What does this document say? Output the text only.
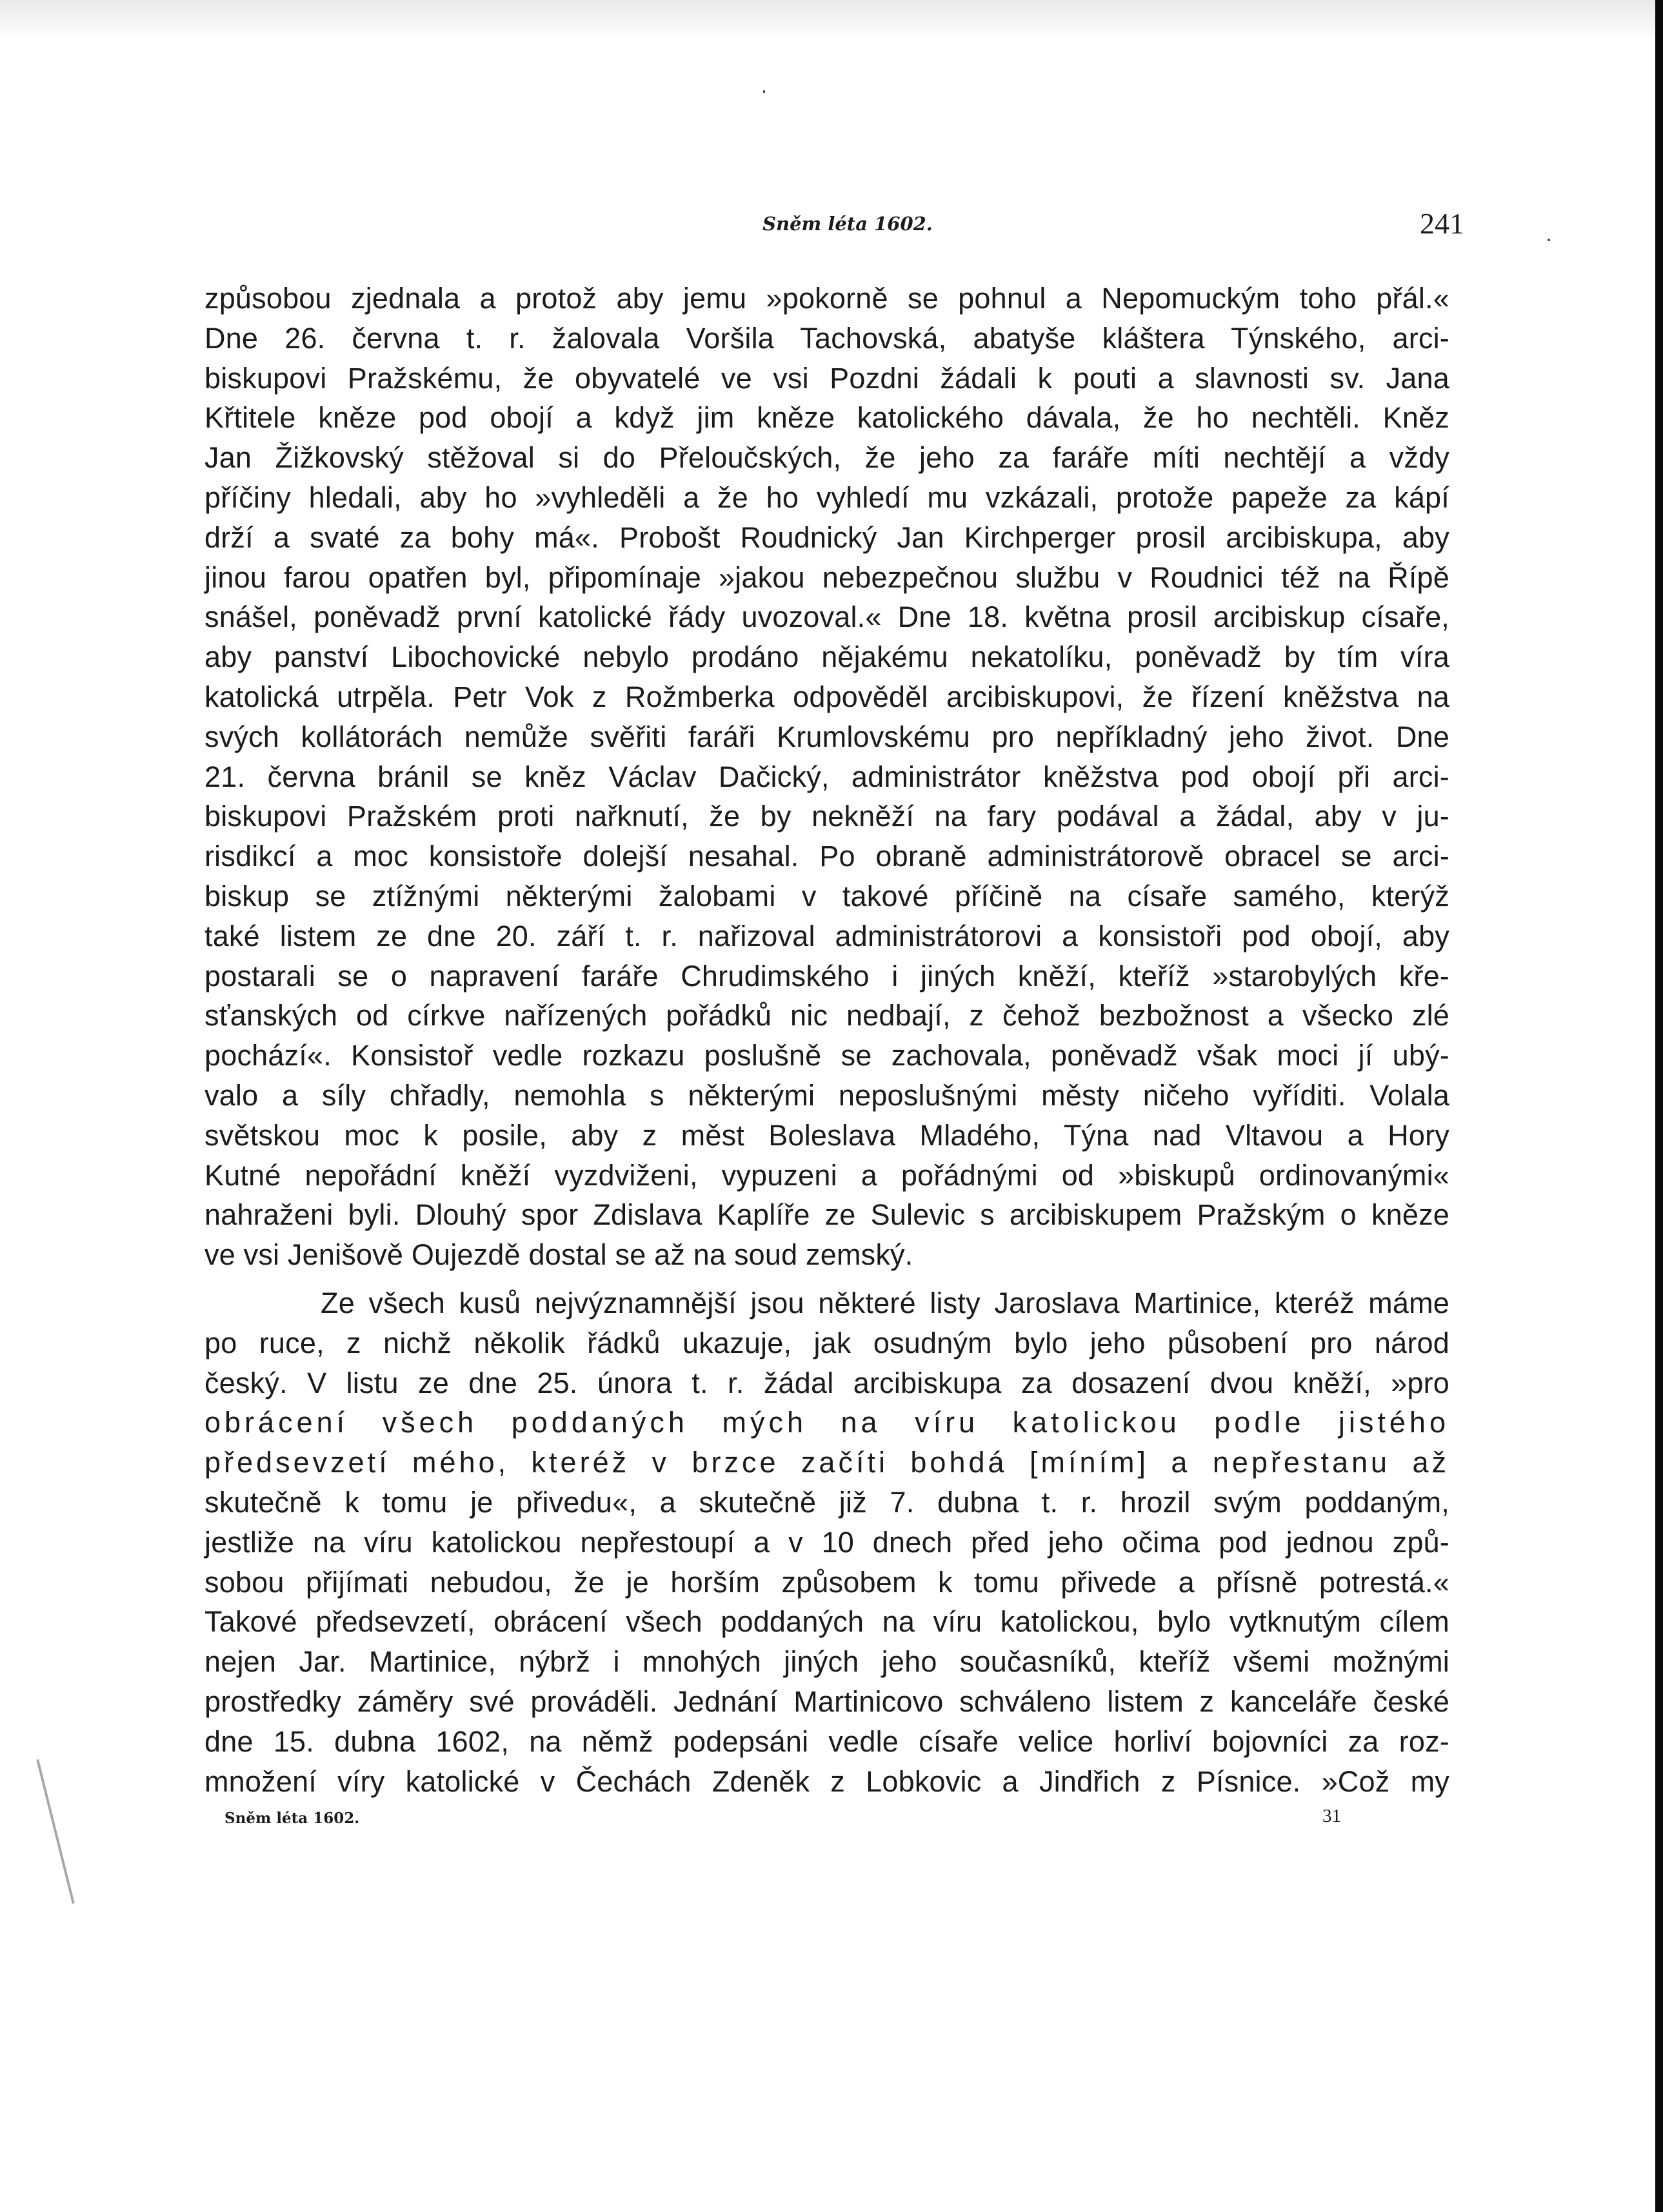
Sněm léta 1602.	241
způsobou zjednala a protož aby jemu »pokorně se pohnul a Nepomuckým toho přál.«
Dne 26. června t. r. žalovala Voršila Tachovská, abatyše kláštera Týnského, arci-
biskupovi Pražskému, že obyvatelé ve vsi Pozdni žádali k pouti a slavnosti sv. Jana
Křtitele kněze pod obojí a když jim kněze katolického dávala, že ho nechtěli. Kněz
Jan Žižkovský stěžoval si do Přeloučských, že jeho za faráře míti nechtějí a vždy
příčiny hledali, aby ho »vyhleděli a že ho vyhledí mu vzkázali, protože papeže za kápí
drží a svaté za bohy má«. Probošt Roudnický Jan Kirchperger prosil arcibiskupa, aby
jinou farou opatřen byl, připomínaje »jakou nebezpečnou službu v Roudnici též na Řípě
snášel, poněvadž první katolické řády uvozoval.« Dne 18. května prosil arcibiskup císaře,
aby panství Libochovické nebylo prodáno nějakému nekatolíku, poněvadž by tím víra
katolická utrpěla. Petr Vok z Rožmberka odpověděl arcibiskupovi, že řízení kněžstva na
svých kollátorách nemůže svěřiti faráři Krumlovskému pro nepříkladný jeho život. Dne
21. června bránil se kněz Václav Dačický, administrátor kněžstva pod obojí při arci-
biskupovi Pražském proti nařknutí, že by nekněží na fary podával a žádal, aby v ju-
risdikcí a moc konsistoře dolejší nesahal. Po obraně administrátorově obracel se arci-
biskup se ztížnými některými žalobami v takové příčině na císaře samého, kterýž
také listem ze dne 20. září t. r. nařizoval administrátorovi a konsistoři pod obojí, aby
postarali se o napravení faráře Chrudimského i jiných kněží, kteříž »starobylých kře-
sťanských od církve nařízených pořádků nic nedbají, z čehož bezbožnost a všecko zlé
pochází«. Konsistoř vedle rozkazu poslušně se zachovala, poněvadž však moci jí ubý-
valo a síly chřadly, nemohla s některými neposlušnými městy ničeho vyříditi. Volala
světskou moc k posile, aby z měst Boleslava Mladého, Týna nad Vltavou a Hory
Kutné nepořádní kněží vyzdviženi, vypuzeni a pořádnými od »biskupů ordinovanými«
nahraženi byli. Dlouhý spor Zdislava Kaplíře ze Sulevic s arcibiskupem Pražským o kněze
ve vsi Jenišově Oujezdě dostal se až na soud zemský.
Ze všech kusů nejvýznamnější jsou některé listy Jaroslava Martinice, kteréž máme
po ruce, z nichž několik řádků ukazuje, jak osudným bylo jeho působení pro národ
český. V listu ze dne 25. února t. r. žádal arcibiskupa za dosazení dvou kněží, »pro
obrácení všech poddaných mých na víru katolickou podle jistého
předsevzetí mého, kteréž v brzce začíti bohdá [míním] a nepřestanu až
skutečně k tomu je přivedu«, a skutečně již 7. dubna t. r. hrozil svým poddaným,
jestliže na víru katolickou nepřestoupí a v 10 dnech před jeho očima pod jednou způ-
sobou přijímati nebudou, že je horším způsobem k tomu přivede a přísně potrestá.«
Takové předsevzetí, obrácení všech poddaných na víru katolickou, bylo vytknutým cílem
nejen Jar. Martinice, nýbrž i mnohých jiných jeho současníků, kteříž všemi možnými
prostředky záměry své prováděli. Jednání Martinicovo schváleno listem z kanceláře české
dne 15. dubna 1602, na němž podepsáni vedle císaře velice horliví bojovníci za roz-
množení víry katolické v Čechách Zdeněk z Lobkovic a Jindřich z Písnice. »Což my
Sněm léta 1602.	31
